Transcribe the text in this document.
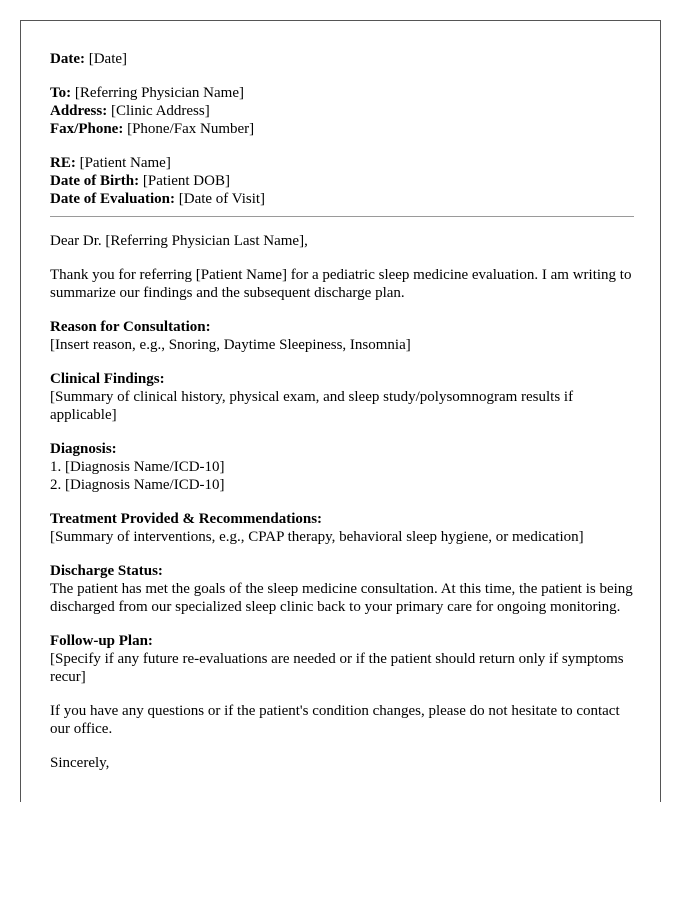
Date: [Date]
To: [Referring Physician Name]
Address: [Clinic Address]
Fax/Phone: [Phone/Fax Number]
RE: [Patient Name]
Date of Birth: [Patient DOB]
Date of Evaluation: [Date of Visit]
Dear Dr. [Referring Physician Last Name],
Thank you for referring [Patient Name] for a pediatric sleep medicine evaluation. I am writing to summarize our findings and the subsequent discharge plan.
Reason for Consultation:
[Insert reason, e.g., Snoring, Daytime Sleepiness, Insomnia]
Clinical Findings:
[Summary of clinical history, physical exam, and sleep study/polysomnogram results if applicable]
Diagnosis:
1. [Diagnosis Name/ICD-10]
2. [Diagnosis Name/ICD-10]
Treatment Provided & Recommendations:
[Summary of interventions, e.g., CPAP therapy, behavioral sleep hygiene, or medication]
Discharge Status:
The patient has met the goals of the sleep medicine consultation. At this time, the patient is being discharged from our specialized sleep clinic back to your primary care for ongoing monitoring.
Follow-up Plan:
[Specify if any future re-evaluations are needed or if the patient should return only if symptoms recur]
If you have any questions or if the patient's condition changes, please do not hesitate to contact our office.
Sincerely,
